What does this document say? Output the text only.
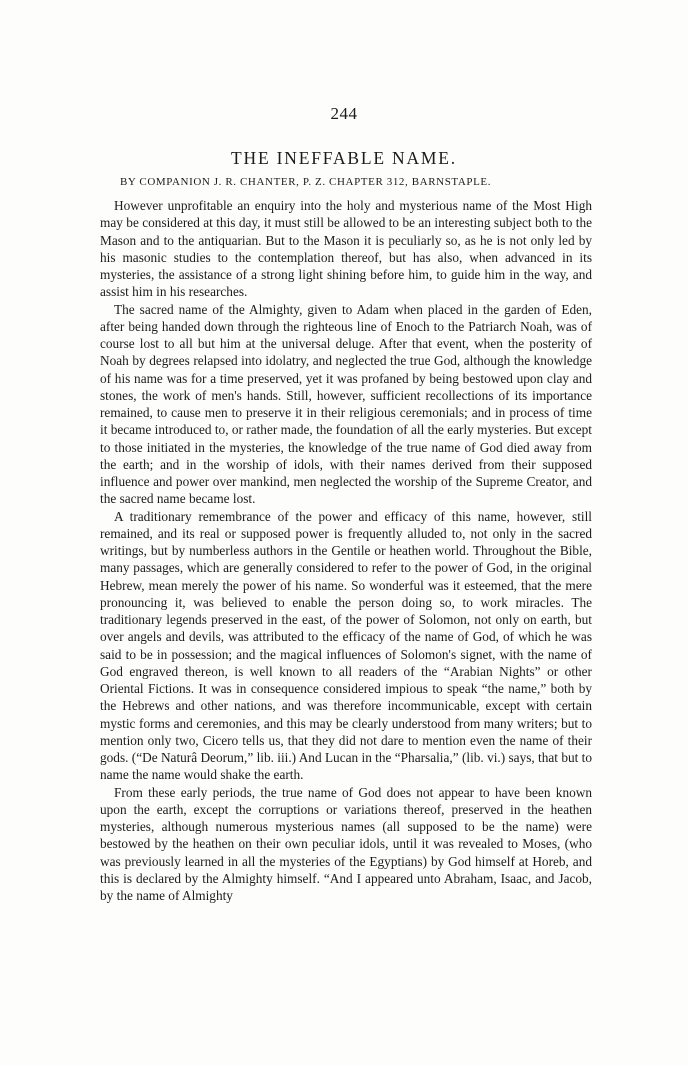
244
THE INEFFABLE NAME.
BY COMPANION J. R. CHANTER, P. Z. CHAPTER 312, BARNSTAPLE.

However unprofitable an enquiry into the holy and mysterious name of the Most High may be considered at this day, it must still be allowed to be an interesting subject both to the Mason and to the antiquarian. But to the Mason it is peculiarly so, as he is not only led by his masonic studies to the contemplation thereof, but has also, when advanced in its mysteries, the assistance of a strong light shining before him, to guide him in the way, and assist him in his researches.

The sacred name of the Almighty, given to Adam when placed in the garden of Eden, after being handed down through the righteous line of Enoch to the Patriarch Noah, was of course lost to all but him at the universal deluge. After that event, when the posterity of Noah by degrees relapsed into idolatry, and neglected the true God, although the knowledge of his name was for a time preserved, yet it was profaned by being bestowed upon clay and stones, the work of men's hands. Still, however, sufficient recollections of its importance remained, to cause men to preserve it in their religious ceremonials; and in process of time it became introduced to, or rather made, the foundation of all the early mysteries. But except to those initiated in the mysteries, the knowledge of the true name of God died away from the earth; and in the worship of idols, with their names derived from their supposed influence and power over mankind, men neglected the worship of the Supreme Creator, and the sacred name became lost.

A traditionary remembrance of the power and efficacy of this name, however, still remained, and its real or supposed power is frequently alluded to, not only in the sacred writings, but by numberless authors in the Gentile or heathen world. Throughout the Bible, many passages, which are generally considered to refer to the power of God, in the original Hebrew, mean merely the power of his name. So wonderful was it esteemed, that the mere pronouncing it, was believed to enable the person doing so, to work miracles. The traditionary legends preserved in the east, of the power of Solomon, not only on earth, but over angels and devils, was attributed to the efficacy of the name of God, of which he was said to be in possession; and the magical influences of Solomon's signet, with the name of God engraved thereon, is well known to all readers of the “Arabian Nights” or other Oriental Fictions. It was in consequence considered impious to speak “the name,” both by the Hebrews and other nations, and was therefore incommunicable, except with certain mystic forms and ceremonies, and this may be clearly understood from many writers; but to mention only two, Cicero tells us, that they did not dare to mention even the name of their gods. (“De Naturâ Deorum,” lib. iii.) And Lucan in the “Pharsalia,” (lib. vi.) says, that but to name the name would shake the earth.

From these early periods, the true name of God does not appear to have been known upon the earth, except the corruptions or variations thereof, preserved in the heathen mysteries, although numerous mysterious names (all supposed to be the name) were bestowed by the heathen on their own peculiar idols, until it was revealed to Moses, (who was previously learned in all the mysteries of the Egyptians) by God himself at Horeb, and this is declared by the Almighty himself. “And I appeared unto Abraham, Isaac, and Jacob, by the name of Almighty
